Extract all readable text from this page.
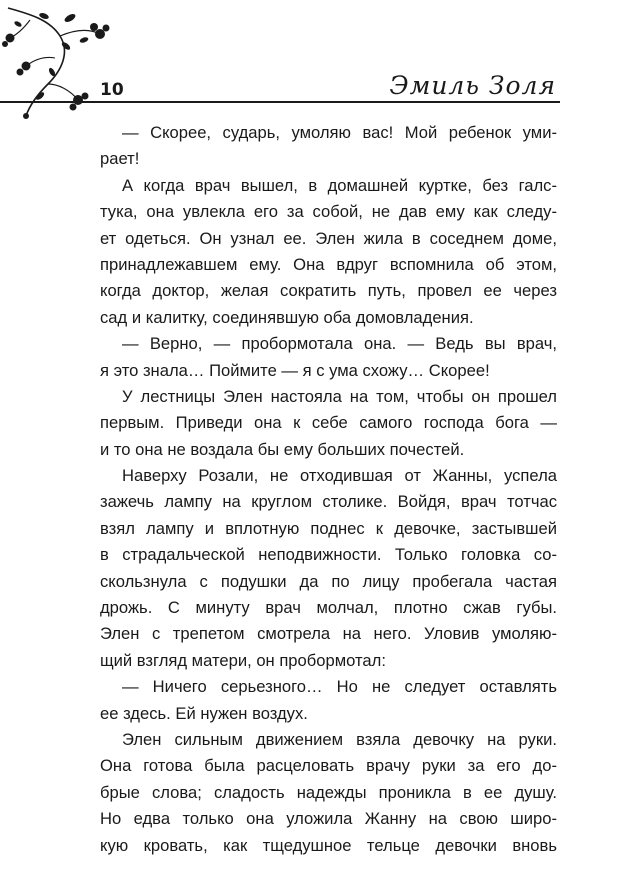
10	Эмиль Золя
— Скорее, сударь, умоляю вас! Мой ребенок уми-
рает!
А когда врач вышел, в домашней куртке, без галс-
тука, она увлекла его за собой, не дав ему как следу-
ет одеться. Он узнал ее. Элен жила в соседнем доме,
принадлежавшем ему. Она вдруг вспомнила об этом,
когда доктор, желая сократить путь, провел ее через
сад и калитку, соединявшую оба домовладения.
— Верно, — пробормотала она. — Ведь вы врач,
я это знала… Поймите — я с ума схожу… Скорее!
У лестницы Элен настояла на том, чтобы он прошел
первым. Приведи она к себе самого господа бога —
и то она не воздала бы ему больших почестей.
Наверху Розали, не отходившая от Жанны, успела
зажечь лампу на круглом столике. Войдя, врач тотчас
взял лампу и вплотную поднес к девочке, застывшей
в страдальческой неподвижности. Только головка со-
скользнула с подушки да по лицу пробегала частая
дрожь. С минуту врач молчал, плотно сжав губы.
Элен с трепетом смотрела на него. Уловив умоляю-
щий взгляд матери, он пробормотал:
— Ничего серьезного… Но не следует оставлять
ее здесь. Ей нужен воздух.
Элен сильным движением взяла девочку на руки.
Она готова была расцеловать врачу руки за его до-
брые слова; сладость надежды проникла в ее душу.
Но едва только она уложила Жанну на свою широ-
кую кровать, как тщедушное тельце девочки вновь
